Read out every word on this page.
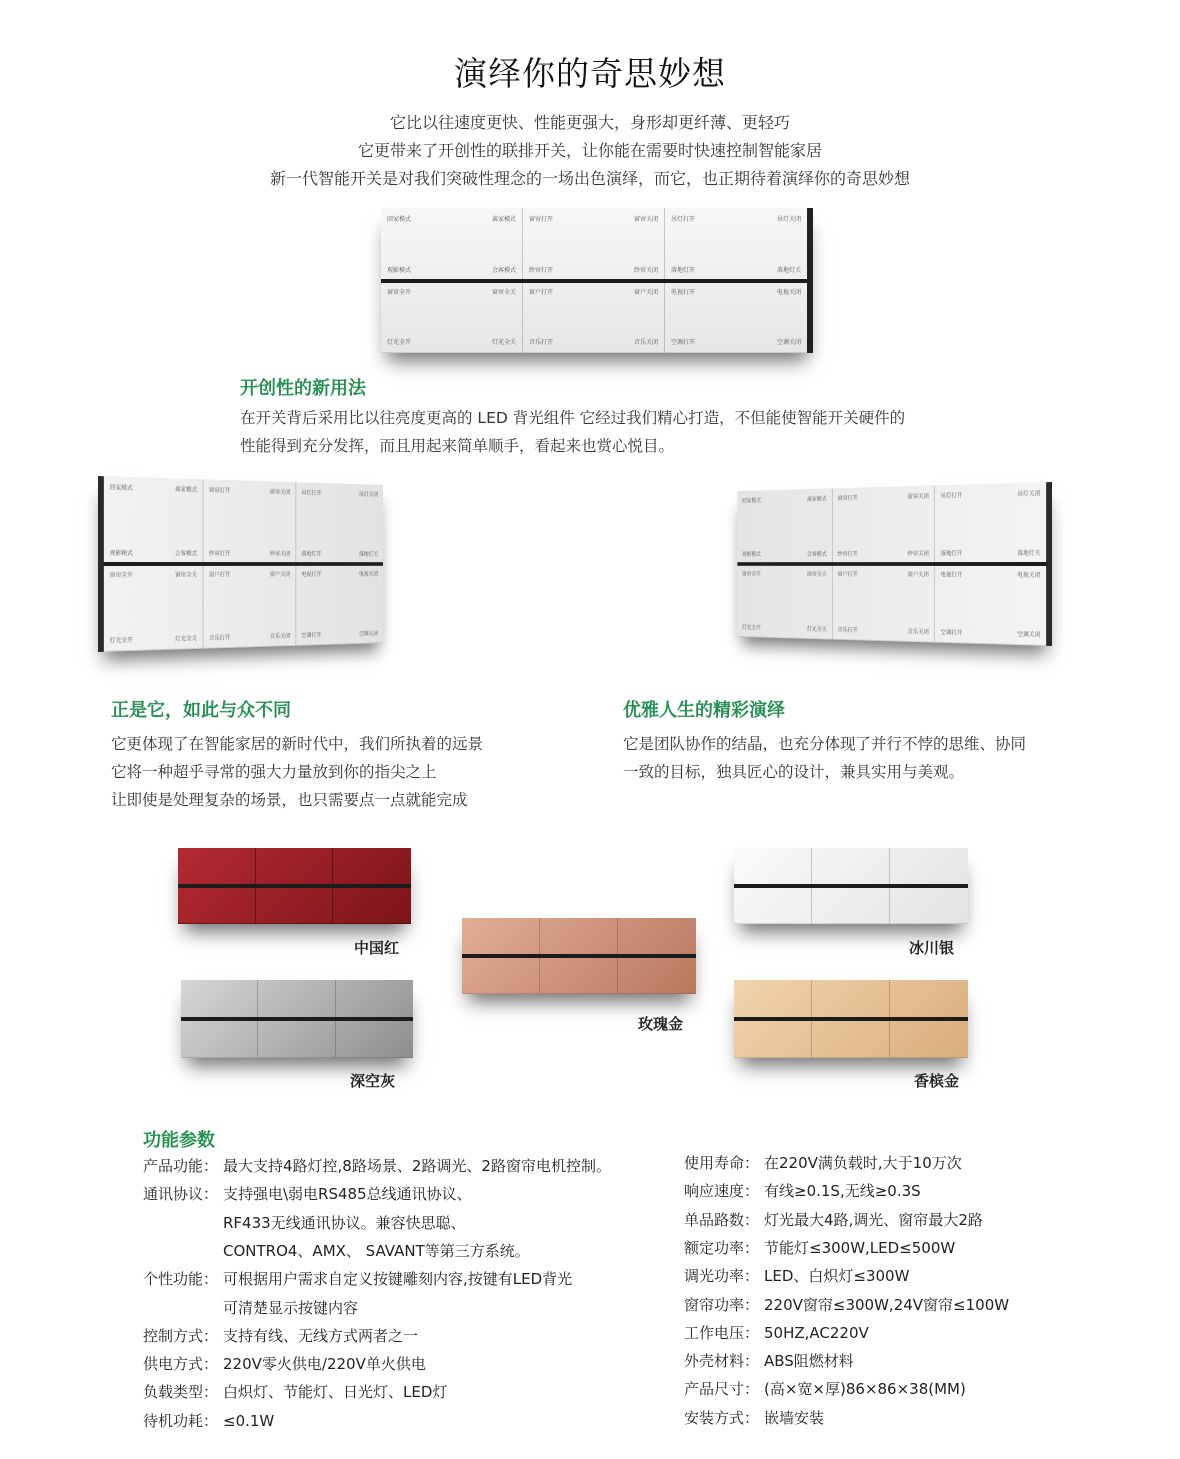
演绎你的奇思妙想
它比以往速度更快、性能更强大，身形却更纤薄、更轻巧
它更带来了开创性的联排开关，让你能在需要时快速控制智能家居
新一代智能开关是对我们突破性理念的一场出色演绎，而它，也正期待着演绎你的奇思妙想
回家模式	离家模式
观影模式	会客模式
窗帘打开	窗帘关闭
纱帘打开	纱帘关闭
吊灯打开	吊灯关闭
落地灯开	落地灯关
窗帘全开	窗帘全关
灯光全开	灯光全关
窗户打开	窗户关闭
音乐打开	音乐关闭
电视打开	电视关闭
空调打开	空调关闭
开创性的新用法
在开关背后采用比以往亮度更高的 LED 背光组件 它经过我们精心打造，不但能使智能开关硬件的
性能得到充分发挥，而且用起来简单顺手，看起来也赏心悦目。
回家模式	离家模式
观影模式	会客模式
窗帘打开	窗帘关闭
纱帘打开	纱帘关闭
吊灯打开	吊灯关闭
落地灯开	落地灯关
窗帘全开	窗帘全关
灯光全开	灯光全关
窗户打开	窗户关闭
音乐打开	音乐关闭
电视打开	电视关闭
空调打开	空调关闭
回家模式	离家模式
观影模式	会客模式
窗帘打开	窗帘关闭
纱帘打开	纱帘关闭
吊灯打开	吊灯关闭
落地灯开	落地灯关
窗帘全开	窗帘全关
灯光全开	灯光全关
窗户打开	窗户关闭
音乐打开	音乐关闭
电视打开	电视关闭
空调打开	空调关闭
正是它，如此与众不同
它更体现了在智能家居的新时代中，我们所执着的远景
它将一种超乎寻常的强大力量放到你的指尖之上
让即使是处理复杂的场景，也只需要点一点就能完成
优雅人生的精彩演绎
它是团队协作的结晶，也充分体现了并行不悖的思维、协同
一致的目标，独具匠心的设计，兼具实用与美观。
中国红	冰川银
玫瑰金
深空灰	香槟金
功能参数
产品功能： 最大支持4路灯控,8路场景、2路调光、2路窗帘电机控制。
通讯协议： 支持强电\弱电RS485总线通讯协议、
RF433无线通讯协议。兼容快思聪、
CONTRO4、AMX、 SAVANT等第三方系统。
个性功能： 可根据用户需求自定义按键雕刻内容,按键有LED背光
可清楚显示按键内容
控制方式： 支持有线、无线方式两者之一
供电方式： 220V零火供电/220V单火供电
负载类型： 白炽灯、节能灯、日光灯、LED灯
待机功耗： ≤0.1W
使用寿命： 在220V满负载时,大于10万次
响应速度： 有线≥0.1S,无线≥0.3S
单品路数： 灯光最大4路,调光、窗帘最大2路
额定功率： 节能灯≤300W,LED≤500W
调光功率： LED、白炽灯≤300W
窗帘功率： 220V窗帘≤300W,24V窗帘≤100W
工作电压： 50HZ,AC220V
外壳材料： ABS阻燃材料
产品尺寸： (高×宽×厚)86×86×38(MM)
安装方式： 嵌墙安装
